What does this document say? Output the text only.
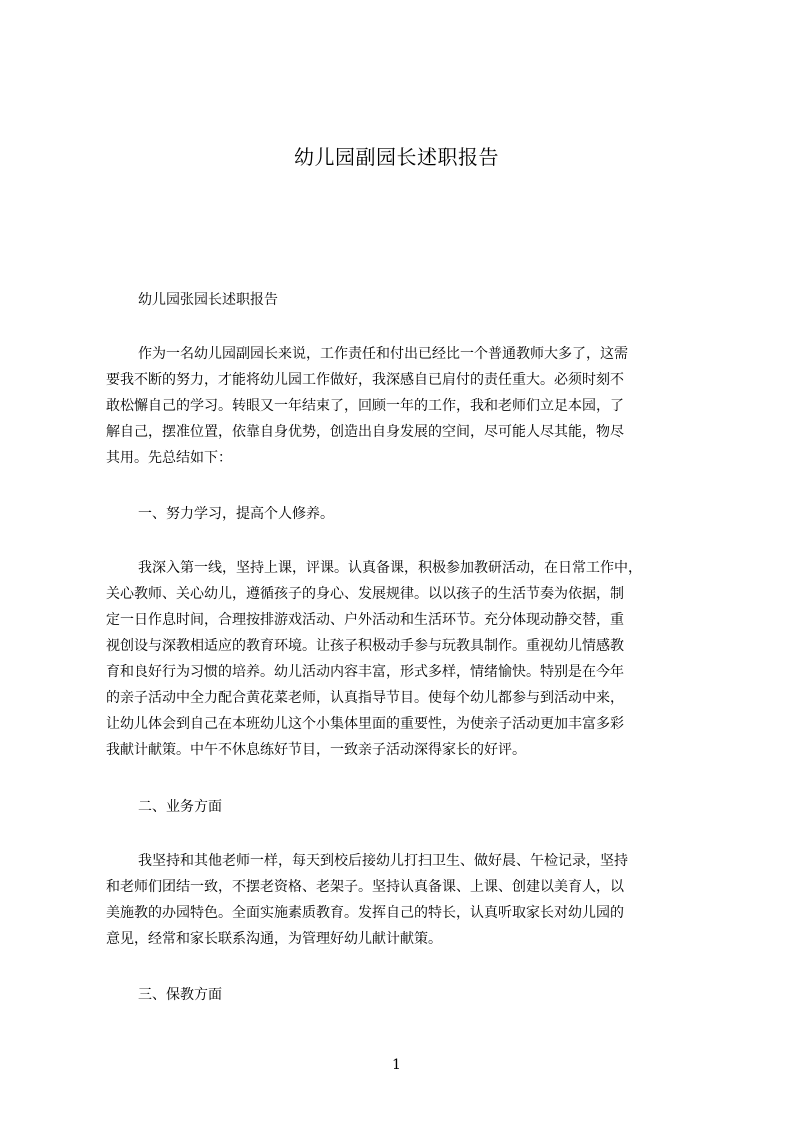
幼儿园副园长述职报告

幼儿园张园长述职报告

作为一名幼儿园副园长来说，工作责任和付出已经比一个普通教师大多了，这需

要我不断的努力，才能将幼儿园工作做好，我深感自已肩付的责任重大。必须时刻不

敢松懈自己的学习。转眼又一年结束了，回顾一年的工作，我和老师们立足本园，了

解自己，摆准位置，依靠自身优势，创造出自身发展的空间，尽可能人尽其能，物尽

其用。先总结如下：

一、努力学习，提高个人修养。

我深入第一线，坚持上课，评课。认真备课，积极参加教研活动，在日常工作中，

关心教师、关心幼儿，遵循孩子的身心、发展规律。以以孩子的生活节奏为依据，制

定一日作息时间，合理按排游戏活动、户外活动和生活环节。充分体现动静交替，重

视创设与深教相适应的教育环境。让孩子积极动手参与玩教具制作。重视幼儿情感教

育和良好行为习惯的培养。幼儿活动内容丰富，形式多样，情绪愉快。特别是在今年

的亲子活动中全力配合黄花菜老师，认真指导节目。使每个幼儿都参与到活动中来，

让幼儿体会到自己在本班幼儿这个小集体里面的重要性，为使亲子活动更加丰富多彩

我献计献策。中午不休息练好节目，一致亲子活动深得家长的好评。

二、业务方面

我坚持和其他老师一样，每天到校后接幼儿打扫卫生、做好晨、午检记录，坚持

和老师们团结一致，不摆老资格、老架子。坚持认真备课、上课、创建以美育人，以

美施教的办园特色。全面实施素质教育。发挥自己的特长，认真听取家长对幼儿园的

意见，经常和家长联系沟通，为管理好幼儿献计献策。

三、保教方面

1
